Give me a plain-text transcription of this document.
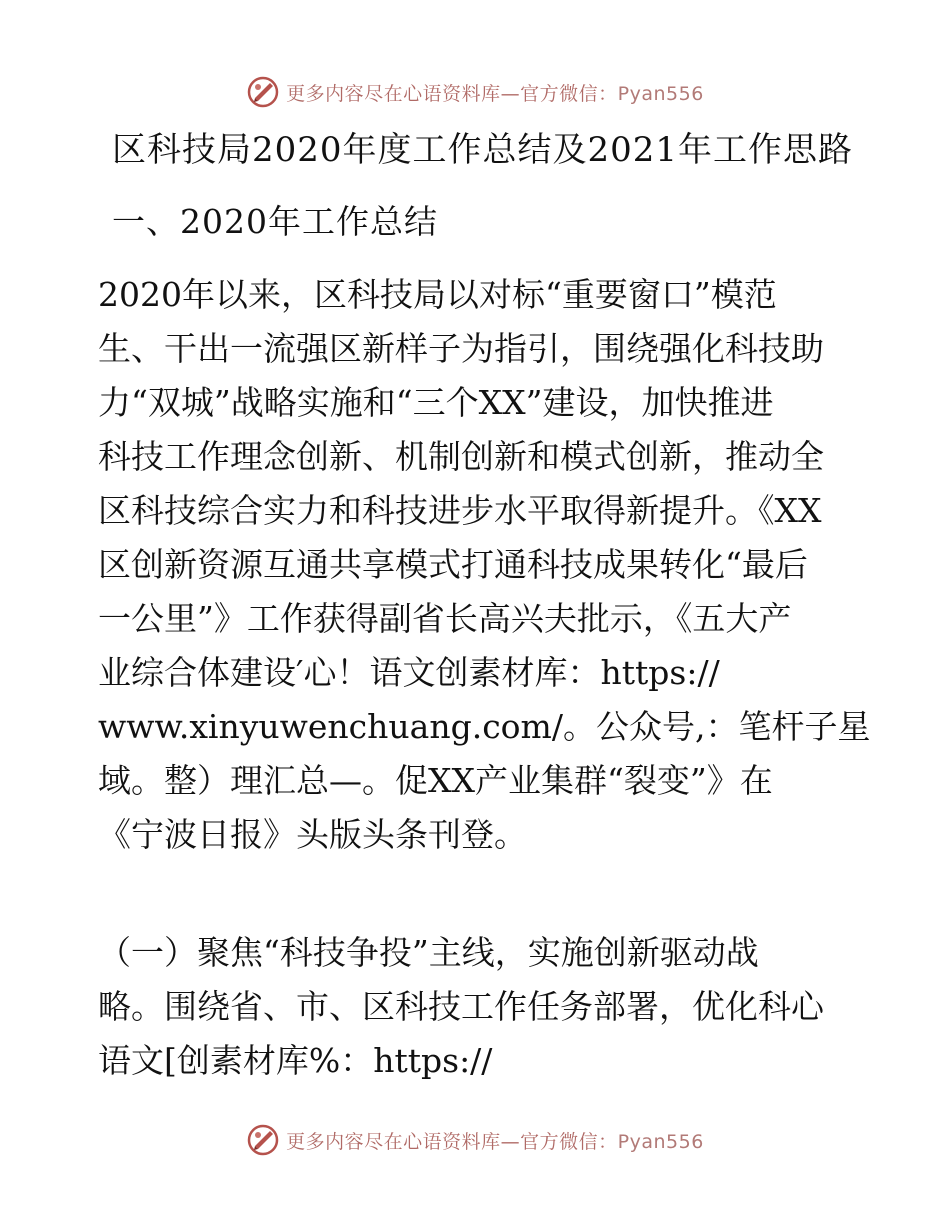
更多内容尽在心语资料库—官方微信：Pyan556
区科技局2020年度工作总结及2021年工作思路
一、2020年工作总结
2020年以来，区科技局以对标“重要窗口”模范
生、干出一流强区新样子为指引，围绕强化科技助
力“双城”战略实施和“三个XX”建设，加快推进
科技工作理念创新、机制创新和模式创新，推动全
区科技综合实力和科技进步水平取得新提升。《XX
区创新资源互通共享模式打通科技成果转化“最后
一公里”》工作获得副省长高兴夫批示，《五大产
业综合体建设′心！语文创素材库：https://
www.xinyuwenchuang.com/。公众号,：笔杆子星
域。整）理汇总—。促XX产业集群“裂变”》在
《宁波日报》头版头条刊登。
（一）聚焦“科技争投”主线，实施创新驱动战
略。围绕省、市、区科技工作任务部署，优化科心
语文[创素材库%：https://
更多内容尽在心语资料库—官方微信：Pyan556
